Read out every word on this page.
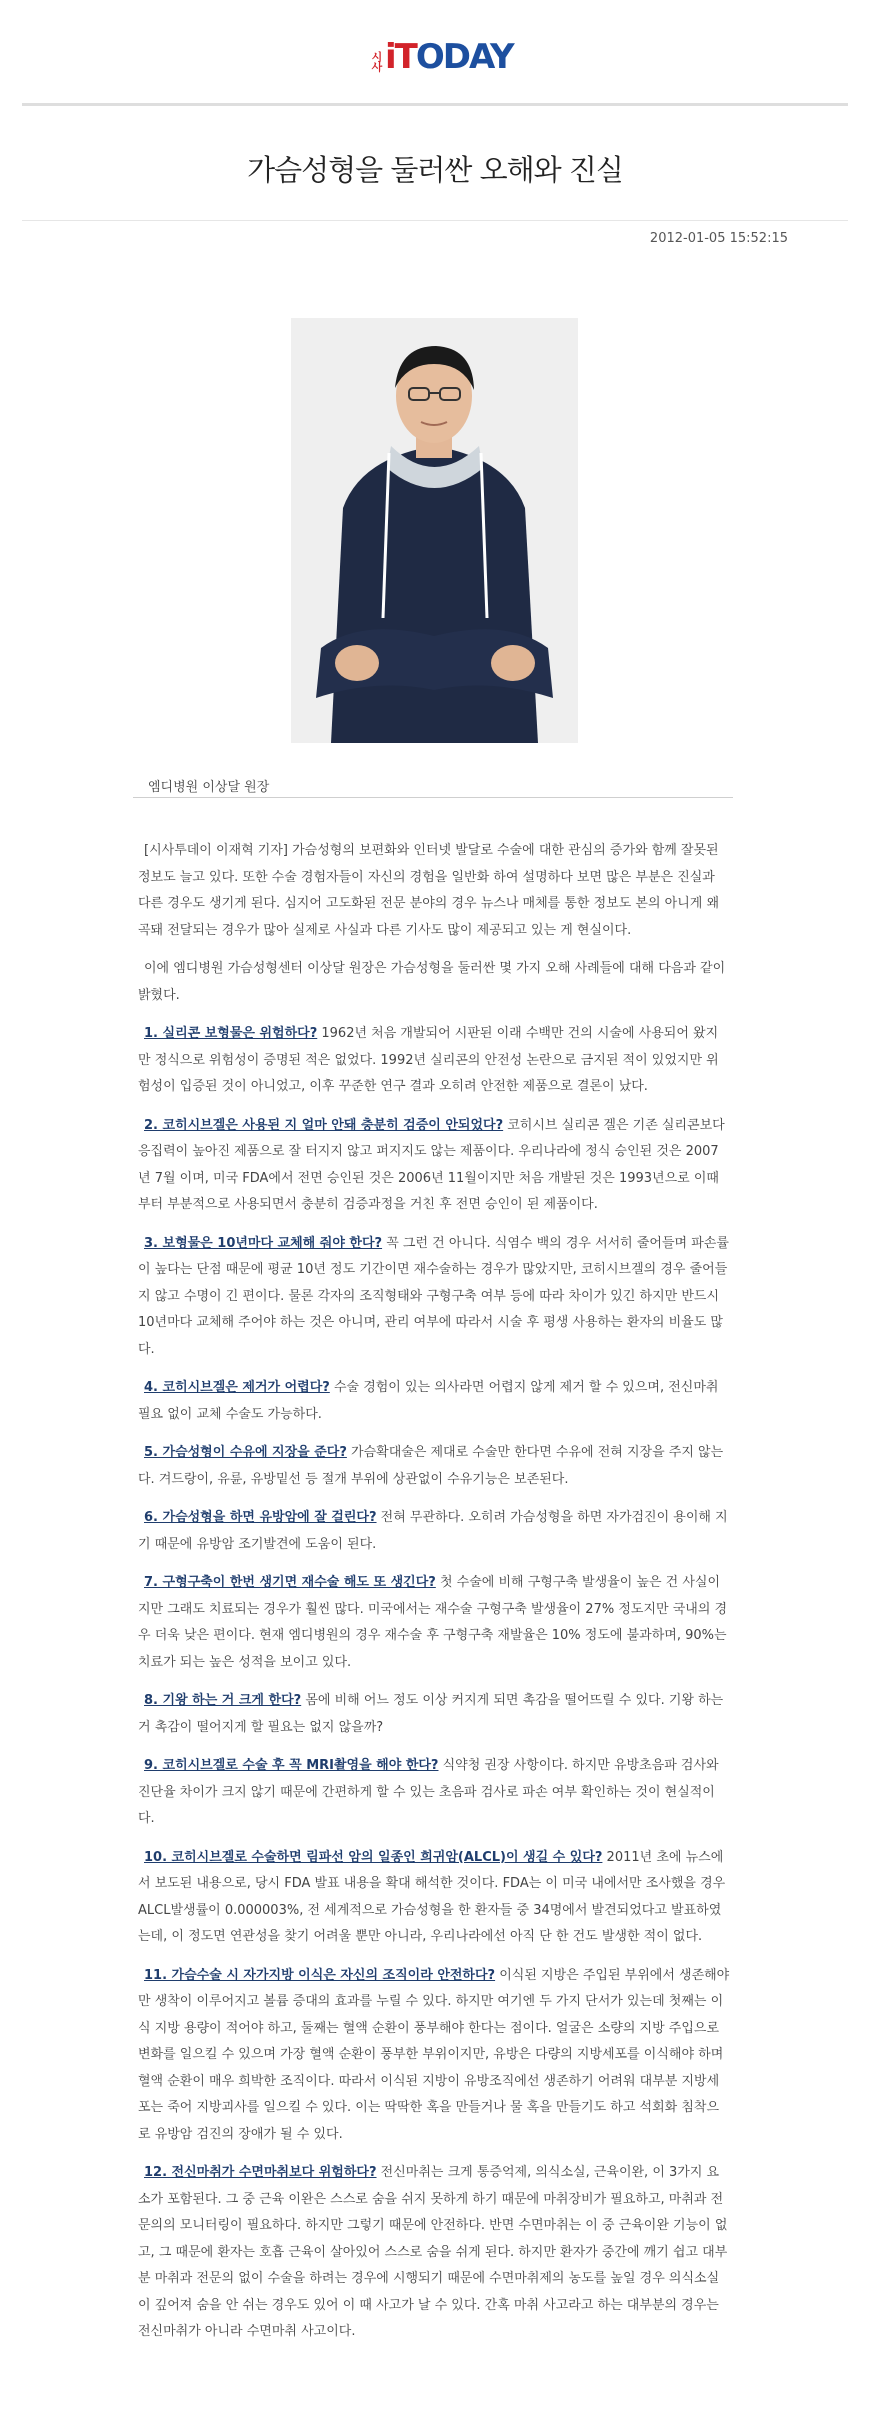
시사 iT ODAY
가슴성형을 둘러싼 오해와 진실
2012-01-05 15:52:15
엠디병원 이상달 원장

[시사투데이 이재혁 기자] 가슴성형의 보편화와 인터넷 발달로 수술에 대한 관심의 증가와 함께 잘못된 정보도 늘고 있다. 또한 수술 경험자들이 자신의 경험을 일반화 하여 설명하다 보면 많은 부분은 진실과 다른 경우도 생기게 된다. 심지어 고도화된 전문 분야의 경우 뉴스나 매체를 통한 정보도 본의 아니게 왜곡돼 전달되는 경우가 많아 실제로 사실과 다른 기사도 많이 제공되고 있는 게 현실이다.

이에 엠디병원 가슴성형센터 이상달 원장은 가슴성형을 둘러싼 몇 가지 오해 사례들에 대해 다음과 같이 밝혔다.

1. 실리콘 보형물은 위험하다? 1962년 처음 개발되어 시판된 이래 수백만 건의 시술에 사용되어 왔지만 정식으로 위험성이 증명된 적은 없었다. 1992년 실리콘의 안전성 논란으로 금지된 적이 있었지만 위험성이 입증된 것이 아니었고, 이후 꾸준한 연구 결과 오히려 안전한 제품으로 결론이 났다.

2. 코히시브겔은 사용된 지 얼마 안돼 충분히 검증이 안되었다? 코히시브 실리콘 겔은 기존 실리콘보다 응집력이 높아진 제품으로 잘 터지지 않고 퍼지지도 않는 제품이다. 우리나라에 정식 승인된 것은 2007년 7월 이며, 미국 FDA에서 전면 승인된 것은 2006년 11월이지만 처음 개발된 것은 1993년으로 이때부터 부분적으로 사용되면서 충분히 검증과정을 거친 후 전면 승인이 된 제품이다.

3. 보형물은 10년마다 교체해 줘야 한다? 꼭 그런 건 아니다. 식염수 백의 경우 서서히 줄어들며 파손률이 높다는 단점 때문에 평균 10년 정도 기간이면 재수술하는 경우가 많았지만, 코히시브겔의 경우 줄어들지 않고 수명이 긴 편이다. 물론 각자의 조직형태와 구형구축 여부 등에 따라 차이가 있긴 하지만 반드시 10년마다 교체해 주어야 하는 것은 아니며, 관리 여부에 따라서 시술 후 평생 사용하는 환자의 비율도 많다.

4. 코히시브겔은 제거가 어렵다? 수술 경험이 있는 의사라면 어렵지 않게 제거 할 수 있으며, 전신마취 필요 없이 교체 수술도 가능하다.

5. 가슴성형이 수유에 지장을 준다? 가슴확대술은 제대로 수술만 한다면 수유에 전혀 지장을 주지 않는다. 겨드랑이, 유륜, 유방밑선 등 절개 부위에 상관없이 수유기능은 보존된다.

6. 가슴성형을 하면 유방암에 잘 걸린다? 전혀 무관하다. 오히려 가슴성형을 하면 자가검진이 용이해 지기 때문에 유방암 조기발견에 도움이 된다.

7. 구형구축이 한번 생기면 재수술 해도 또 생긴다? 첫 수술에 비해 구형구축 발생율이 높은 건 사실이지만 그래도 치료되는 경우가 훨씬 많다. 미국에서는 재수술 구형구축 발생율이 27% 정도지만 국내의 경우 더욱 낮은 편이다. 현재 엠디병원의 경우 재수술 후 구형구축 재발율은 10% 정도에 불과하며, 90%는 치료가 되는 높은 성적을 보이고 있다.

8. 기왕 하는 거 크게 한다? 몸에 비해 어느 정도 이상 커지게 되면 촉감을 떨어뜨릴 수 있다. 기왕 하는 거 촉감이 떨어지게 할 필요는 없지 않을까?

9. 코히시브겔로 수술 후 꼭 MRI촬영을 해야 한다? 식약청 권장 사항이다. 하지만 유방초음파 검사와 진단율 차이가 크지 않기 때문에 간편하게 할 수 있는 초음파 검사로 파손 여부 확인하는 것이 현실적이다.

10. 코히시브겔로 수술하면 림파선 암의 일종인 희귀암(ALCL)이 생길 수 있다? 2011년 초에 뉴스에서 보도된 내용으로, 당시 FDA 발표 내용을 확대 해석한 것이다. FDA는 이 미국 내에서만 조사했을 경우 ALCL발생률이 0.000003%, 전 세계적으로 가슴성형을 한 환자들 중 34명에서 발견되었다고 발표하였는데, 이 정도면 연관성을 찾기 어려울 뿐만 아니라, 우리나라에선 아직 단 한 건도 발생한 적이 없다.

11. 가슴수술 시 자가지방 이식은 자신의 조직이라 안전하다? 이식된 지방은 주입된 부위에서 생존해야만 생착이 이루어지고 볼륨 증대의 효과를 누릴 수 있다. 하지만 여기엔 두 가지 단서가 있는데 첫째는 이식 지방 용량이 적어야 하고, 둘째는 혈액 순환이 풍부해야 한다는 점이다. 얼굴은 소량의 지방 주입으로 변화를 일으킬 수 있으며 가장 혈액 순환이 풍부한 부위이지만, 유방은 다량의 지방세포를 이식해야 하며 혈액 순환이 매우 희박한 조직이다. 따라서 이식된 지방이 유방조직에선 생존하기 어려워 대부분 지방세포는 죽어 지방괴사를 일으킬 수 있다. 이는 딱딱한 혹을 만들거나 물 혹을 만들기도 하고 석회화 침착으로 유방암 검진의 장애가 될 수 있다.

12. 전신마취가 수면마취보다 위험하다? 전신마취는 크게 통증억제, 의식소실, 근육이완, 이 3가지 요소가 포함된다. 그 중 근육 이완은 스스로 숨을 쉬지 못하게 하기 때문에 마취장비가 필요하고, 마취과 전문의의 모니터링이 필요하다. 하지만 그렇기 때문에 안전하다. 반면 수면마취는 이 중 근육이완 기능이 없고, 그 때문에 환자는 호흡 근육이 살아있어 스스로 숨을 쉬게 된다. 하지만 환자가 중간에 깨기 쉽고 대부분 마취과 전문의 없이 수술을 하려는 경우에 시행되기 때문에 수면마취제의 농도를 높일 경우 의식소실이 깊어져 숨을 안 쉬는 경우도 있어 이 때 사고가 날 수 있다. 간혹 마취 사고라고 하는 대부분의 경우는 전신마취가 아니라 수면마취 사고이다.
